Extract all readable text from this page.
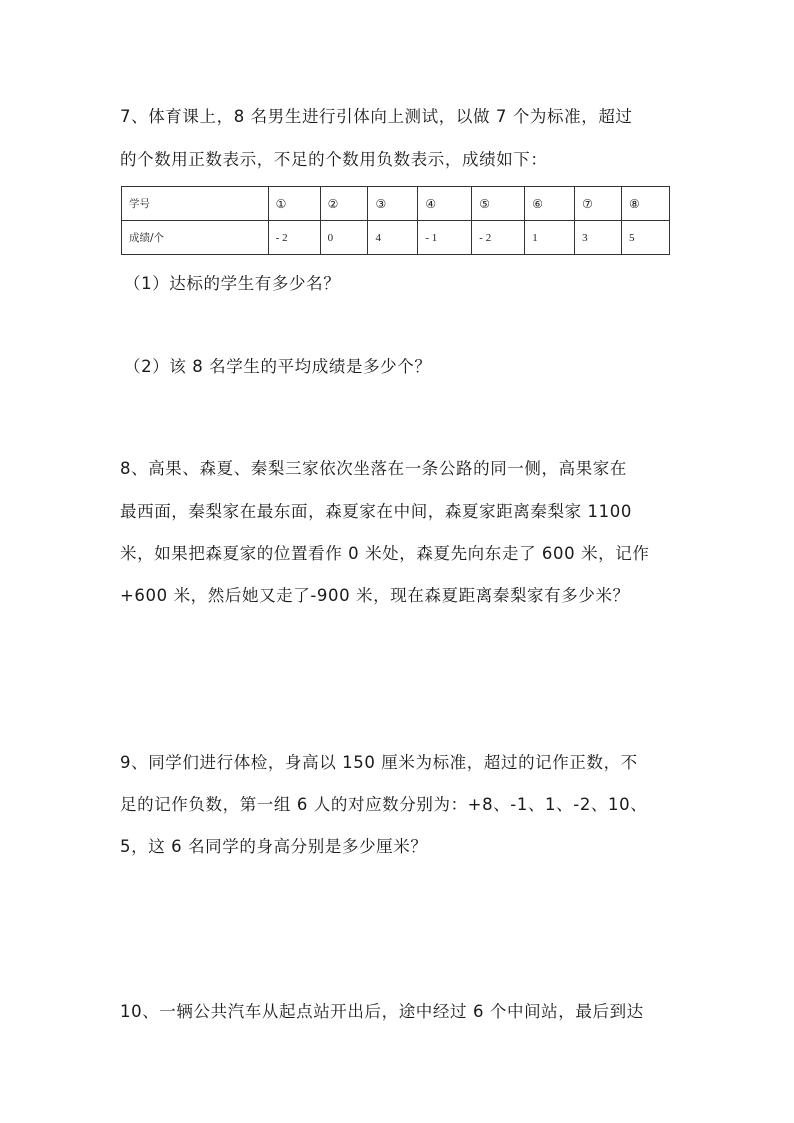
7、体育课上，8 名男生进行引体向上测试，以做 7 个为标准，超过
的个数用正数表示，不足的个数用负数表示，成绩如下：
学号	①	②	③	④	⑤	⑥	⑦	⑧
成绩/个	- 2	0	4	- 1	- 2	1	3	5
（1）达标的学生有多少名？
（2）该 8 名学生的平均成绩是多少个？
8、高果、森夏、秦梨三家依次坐落在一条公路的同一侧，高果家在
最西面，秦梨家在最东面，森夏家在中间，森夏家距离秦梨家 1100
米，如果把森夏家的位置看作 0 米处，森夏先向东走了 600 米，记作
+600 米，然后她又走了-900 米，现在森夏距离秦梨家有多少米？
9、同学们进行体检，身高以 150 厘米为标准，超过的记作正数，不
足的记作负数，第一组 6 人的对应数分别为：+8、-1、1、-2、10、
5，这 6 名同学的身高分别是多少厘米？
10、一辆公共汽车从起点站开出后，途中经过 6 个中间站，最后到达
